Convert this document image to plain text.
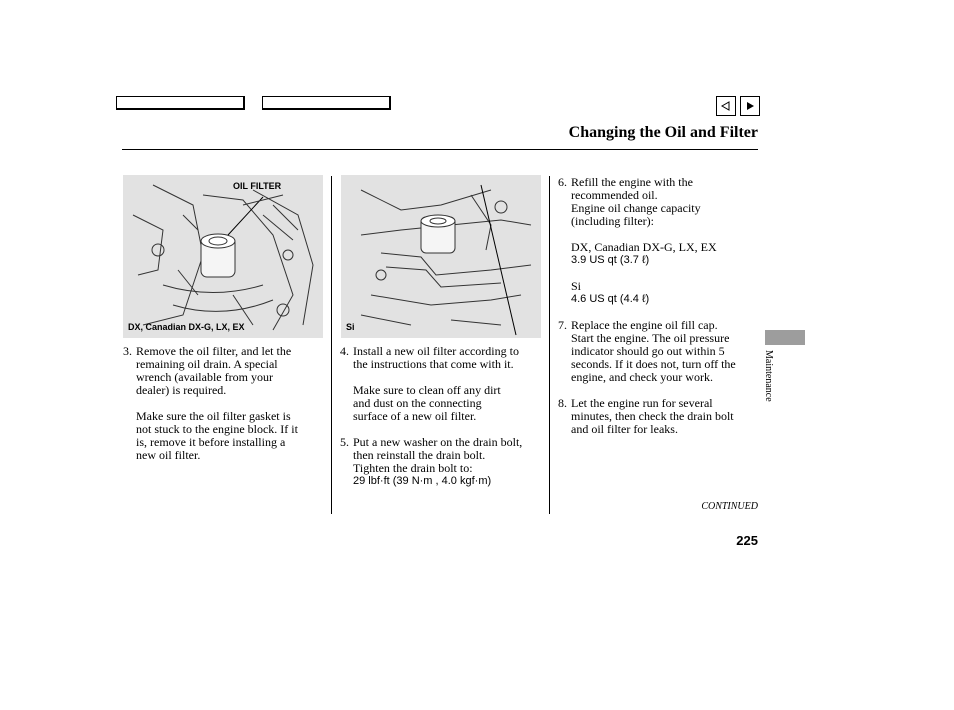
Changing the Oil and Filter
OIL FILTER
DX, Canadian DX-G, LX, EX	Si
3. Remove the oil filter, and let the
remaining oil drain. A special
wrench (available from your
dealer) is required.
Make sure the oil filter gasket is
not stuck to the engine block. If it
is, remove it before installing a
new oil filter.
4. Install a new oil filter according to
the instructions that come with it.
Make sure to clean off any dirt
and dust on the connecting
surface of a new oil filter.
5. Put a new washer on the drain bolt,
then reinstall the drain bolt.
Tighten the drain bolt to:
29 lbf·ft (39 N·m , 4.0 kgf·m)
6. Refill the engine with the
recommended oil.
Engine oil change capacity
(including filter):
DX, Canadian DX-G, LX, EX
3.9 US qt (3.7 ℓ)
Si
4.6 US qt (4.4 ℓ)
7. Replace the engine oil fill cap.
Start the engine. The oil pressure
indicator should go out within 5
seconds. If it does not, turn off the
engine, and check your work.
8. Let the engine run for several
minutes, then check the drain bolt
and oil filter for leaks.
Maintenance
CONTINUED
225
